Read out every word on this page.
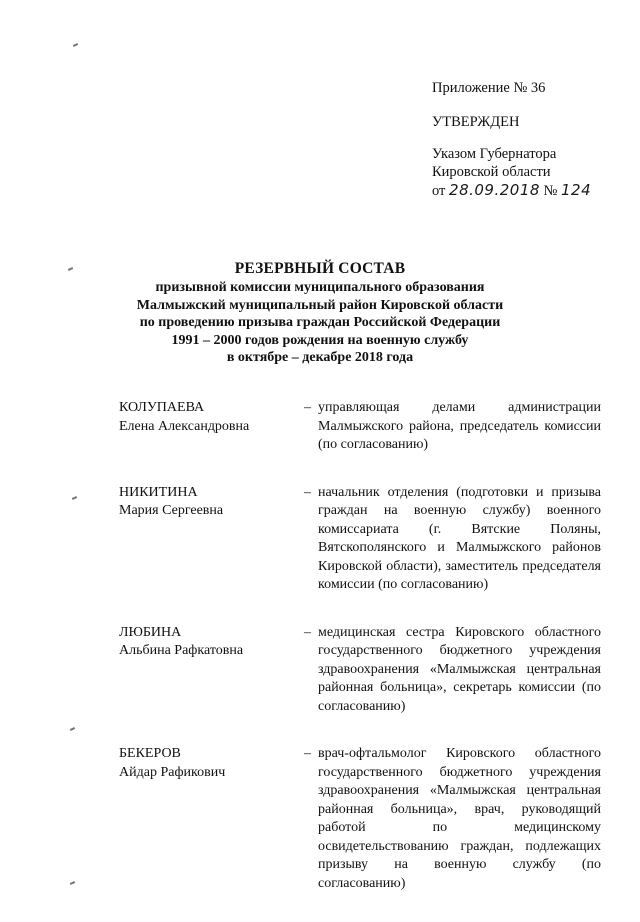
Приложение № 36
УТВЕРЖДЕН
Указом Губернатора
Кировской области
от 28.09.2018 № 124
РЕЗЕРВНЫЙ СОСТАВ
призывной комиссии муниципального образования
Малмыжский муниципальный район Кировской области
по проведению призыва граждан Российской Федерации
1991 – 2000 годов рождения на военную службу
в октябре – декабре 2018 года
КОЛУПАЕВА
Елена Александровна
– управляющая делами администрации Малмыжского района, председатель комиссии (по согласованию)
НИКИТИНА
Мария Сергеевна
– начальник отделения (подготовки и призыва граждан на военную службу) военного комиссариата (г. Вятские Поляны, Вятскополянского и Малмыжского районов Кировской области), заместитель председателя комиссии (по согласованию)
ЛЮБИНА
Альбина Рафкатовна
– медицинская сестра Кировского областного государственного бюджетного учреждения здравоохранения «Малмыжская центральная районная больница», секретарь комиссии (по согласованию)
БЕКЕРОВ
Айдар Рафикович
– врач-офтальмолог Кировского областного государственного бюджетного учреждения здравоохранения «Малмыжская центральная районная больница», врач, руководящий работой по медицинскому освидетельствованию граждан, подлежащих призыву на военную службу (по согласованию)
